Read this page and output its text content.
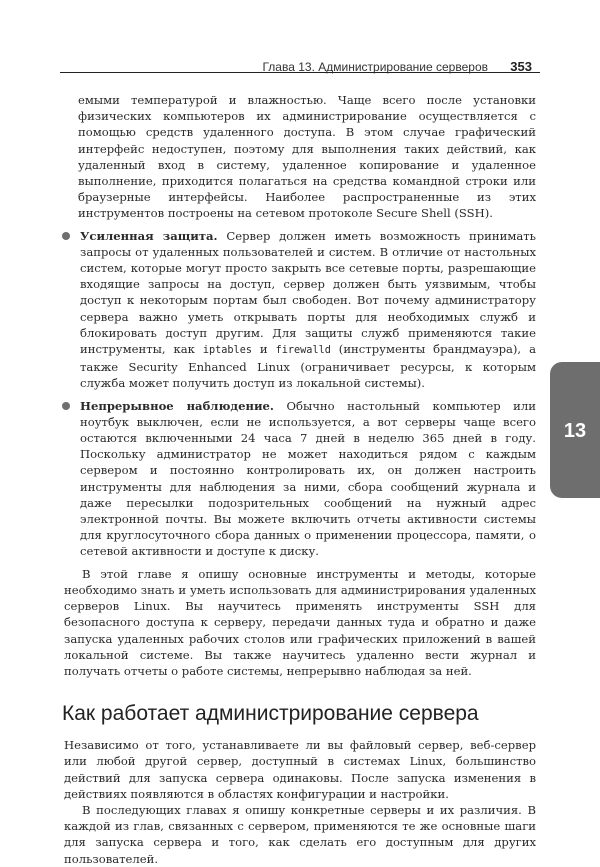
Глава 13. Администрирование серверов 353
13

емыми температурой и влажностью. Чаще всего после установки физических компьютеров их администрирование осуществляется с помощью средств удаленного доступа. В этом случае графический интерфейс недоступен, поэтому для выполнения таких действий, как удаленный вход в систему, удаленное копирование и удаленное выполнение, приходится полагаться на средства командной строки или браузерные интерфейсы. Наиболее распространенные из этих инструментов построены на сетевом протоколе Secure Shell (SSH).

Усиленная защита. Сервер должен иметь возможность принимать запросы от удаленных пользователей и систем. В отличие от настольных систем, которые могут просто закрыть все сетевые порты, разрешающие входящие запросы на доступ, сервер должен быть уязвимым, чтобы доступ к некоторым портам был свободен. Вот почему администратору сервера важно уметь открывать порты для необходимых служб и блокировать доступ другим. Для защиты служб применяются такие инструменты, как iptables и firewalld (инструменты брандмауэра), а также Security Enhanced Linux (ограничивает ресурсы, к которым служба может получить доступ из локальной системы).
Непрерывное наблюдение. Обычно настольный компьютер или ноутбук выключен, если не используется, а вот серверы чаще всего остаются включенными 24 часа 7 дней в неделю 365 дней в году. Поскольку администратор не может находиться рядом с каждым сервером и постоянно контролировать их, он должен настроить инструменты для наблюдения за ними, сбора сообщений журнала и даже пересылки подозрительных сообщений на нужный адрес электронной почты. Вы можете включить отчеты активности системы для круглосуточного сбора данных о применении процессора, памяти, о сетевой активности и доступе к диску.

В этой главе я опишу основные инструменты и методы, которые необходимо знать и уметь использовать для администрирования удаленных серверов Linux. Вы научитесь применять инструменты SSH для безопасного доступа к серверу, передачи данных туда и обратно и даже запуска удаленных рабочих столов или графических приложений в вашей локальной системе. Вы также научитесь удаленно вести журнал и получать отчеты о работе системы, непрерывно наблюдая за ней.

Как работает администрирование сервера

Независимо от того, устанавливаете ли вы файловый сервер, веб-сервер или любой другой сервер, доступный в системах Linux, большинство действий для запуска сервера одинаковы. После запуска изменения в действиях появляются в областях конфигурации и настройки.

В последующих главах я опишу конкретные серверы и их различия. В каждой из глав, связанных с сервером, применяются те же основные шаги для запуска сервера и того, как сделать его доступным для других пользователей.
